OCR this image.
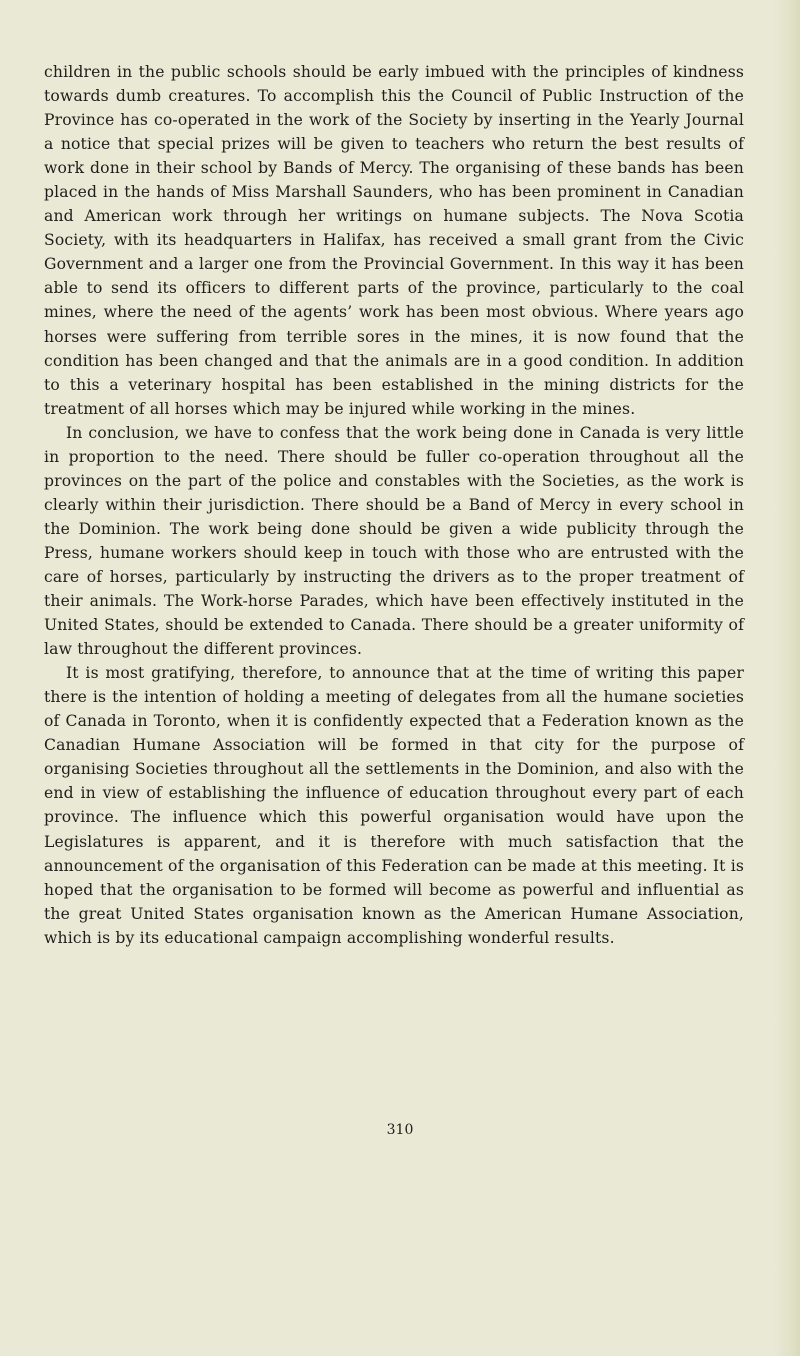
children in the public schools should be early imbued with the principles of kindness towards dumb creatures. To accomplish this the Council of Public Instruction of the Province has co-operated in the work of the Society by inserting in the Yearly Journal a notice that special prizes will be given to teachers who return the best results of work done in their school by Bands of Mercy. The organising of these bands has been placed in the hands of Miss Marshall Saunders, who has been prominent in Canadian and American work through her writings on humane subjects. The Nova Scotia Society, with its headquarters in Halifax, has received a small grant from the Civic Government and a larger one from the Provincial Government. In this way it has been able to send its officers to different parts of the province, particularly to the coal mines, where the need of the agents’ work has been most obvious. Where years ago horses were suffering from terrible sores in the mines, it is now found that the condition has been changed and that the animals are in a good condition. In addition to this a veterinary hospital has been established in the mining districts for the treatment of all horses which may be injured while working in the mines.

In conclusion, we have to confess that the work being done in Canada is very little in proportion to the need. There should be fuller co-operation throughout all the provinces on the part of the police and constables with the Societies, as the work is clearly within their jurisdiction. There should be a Band of Mercy in every school in the Dominion. The work being done should be given a wide publicity through the Press, humane workers should keep in touch with those who are entrusted with the care of horses, particularly by instructing the drivers as to the proper treatment of their animals. The Work-horse Parades, which have been effectively instituted in the United States, should be extended to Canada. There should be a greater uniformity of law throughout the different provinces.

It is most gratifying, therefore, to announce that at the time of writing this paper there is the intention of holding a meeting of delegates from all the humane societies of Canada in Toronto, when it is confidently expected that a Federation known as the Canadian Humane Association will be formed in that city for the purpose of organising Societies throughout all the settlements in the Dominion, and also with the end in view of establishing the influence of education throughout every part of each province. The influence which this powerful organisation would have upon the Legislatures is apparent, and it is therefore with much satisfaction that the announcement of the organisation of this Federation can be made at this meeting. It is hoped that the organisation to be formed will become as powerful and influential as the great United States organisation known as the American Humane Association, which is by its educational campaign accomplishing wonderful results.

310
